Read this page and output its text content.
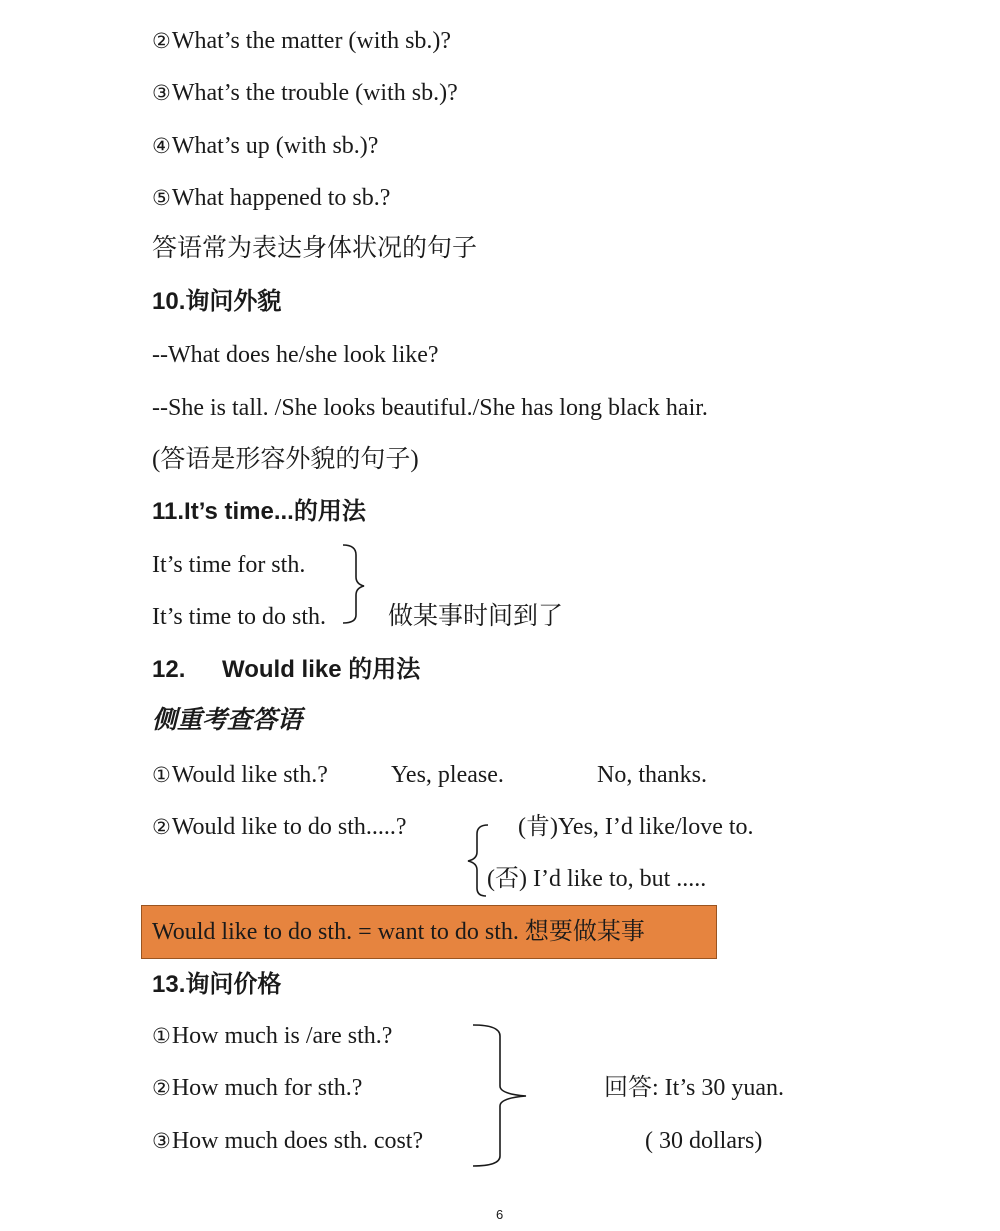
②What’s the matter (with sb.)?
③What’s the trouble (with sb.)?
④What’s up (with sb.)?
⑤What happened to sb.?
答语常为表达身体状况的句子
10.询问外貌
--What does he/she look like?
--She is tall. /She looks beautiful./She has long black hair.
(答语是形容外貌的句子)
11.It’s time...的用法
It’s time for sth.
It’s time to do sth. 做某事时间到了
12. Would like 的用法
侧重考查答语
①Would like sth.?	Yes, please.	No, thanks.
②Would like to do sth.....?	(肯)Yes, I’d like/love to.
(否) I’d like to, but .....
Would like to do sth. = want to do sth. 想要做某事
13.询问价格
①How much is /are sth.?
②How much for sth.?
③How much does sth. cost?
回答: It’s 30 yuan.
( 30 dollars)
6
